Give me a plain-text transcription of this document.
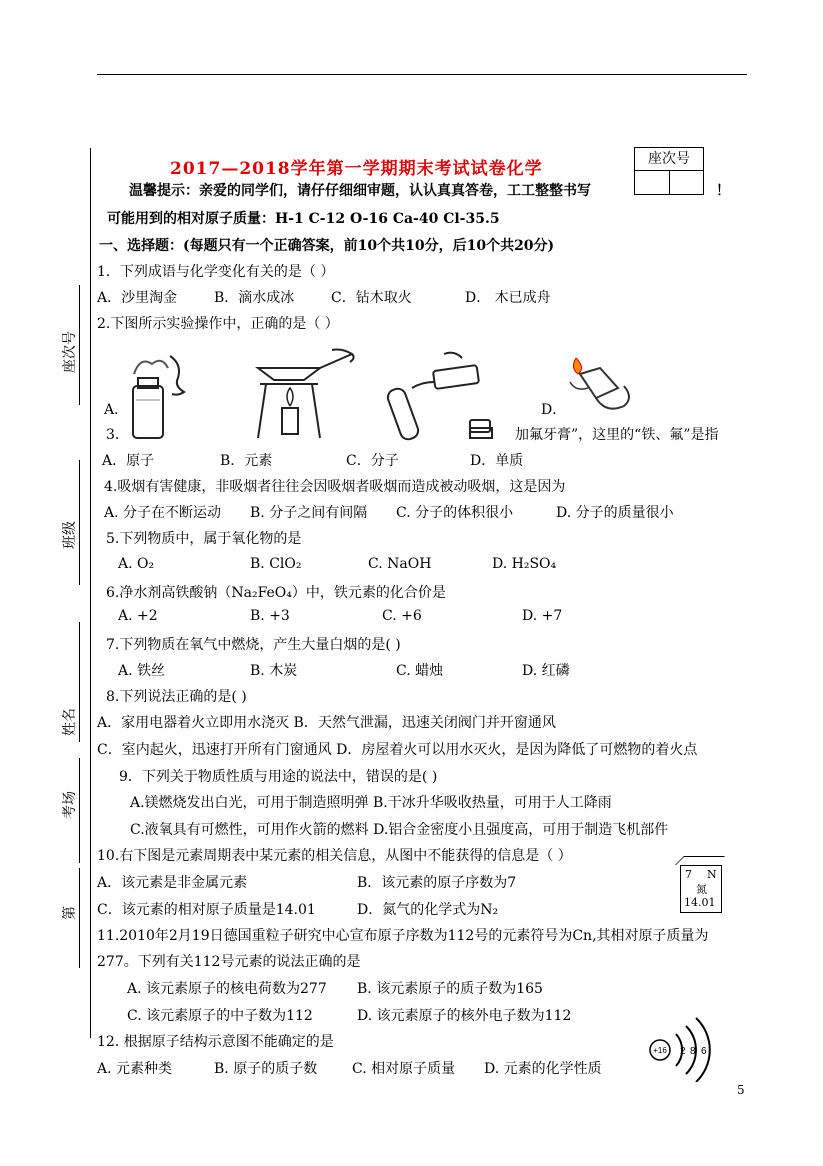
座次号
班级
姓名
考场
第
2017—2018学年第一学期期末考试试卷化学	座次号
温馨提示：亲爱的同学们，请仔仔细细审题，认认真真答卷，工工整整书写	！
可能用到的相对原子质量：H-1 C-12 O-16 Ca-40 Cl-35.5
一、选择题：(每题只有一个正确答案，前10个共10分，后10个共20分)
1．下列成语与化学变化有关的是（ ）
A．沙里淘金	B．滴水成冰	C．钻木取火	D． 木已成舟
2.下图所示实验操作中，正确的是（ ）
A．	D．
3．	加氟牙膏”，这里的“铁、氟”是指
A．原子	B．元素	C．分子	D．单质
4.吸烟有害健康，非吸烟者往往会因吸烟者吸烟而造成被动吸烟，这是因为
A. 分子在不断运动 B. 分子之间有间隔 C. 分子的体积很小	D. 分子的质量很小
5.下列物质中，属于氧化物的是
A. O₂	B. ClO₂	C. NaOH	D. H₂SO₄
6.净水剂高铁酸钠（Na₂FeO₄）中，铁元素的化合价是
A. +2	B. +3	C. +6	D. +7
7.下列物质在氧气中燃烧，产生大量白烟的是( )
A. 铁丝	B. 木炭	C. 蜡烛	D. 红磷
8.下列说法正确的是( )
A．家用电器着火立即用水浇灭 B．天然气泄漏，迅速关闭阀门并开窗通风
C．室内起火，迅速打开所有门窗通风 D．房屋着火可以用水灭火，是因为降低了可燃物的着火点
9．下列关于物质性质与用途的说法中，错误的是( )
A.镁燃烧发出白光，可用于制造照明弹 B.干冰升华吸收热量，可用于人工降雨
C.液氧具有可燃性，可用作火箭的燃料 D.铝合金密度小且强度高，可用于制造飞机部件
10.右下图是元素周期表中某元素的相关信息，从图中不能获得的信息是（ ）
A．该元素是非金属元素	B．该元素的原子序数为7
C．该元素的相对原子质量是14.01	D．氮气的化学式为N₂
7 N
氮
14.01
11.2010年2月19日德国重粒子研究中心宣布原子序数为112号的元素符号为Cn,其相对原子质量为
277。下列有关112号元素的说法正确的是
A. 该元素原子的核电荷数为277 B. 该元素原子的质子数为165
C. 该元素原子的中子数为112	D. 该元素原子的核外电子数为112
12. 根据原子结构示意图不能确定的是
A. 元素种类	B. 原子的质子数 C. 相对原子质量 D. 元素的化学性质
+16 2 8 6
5
